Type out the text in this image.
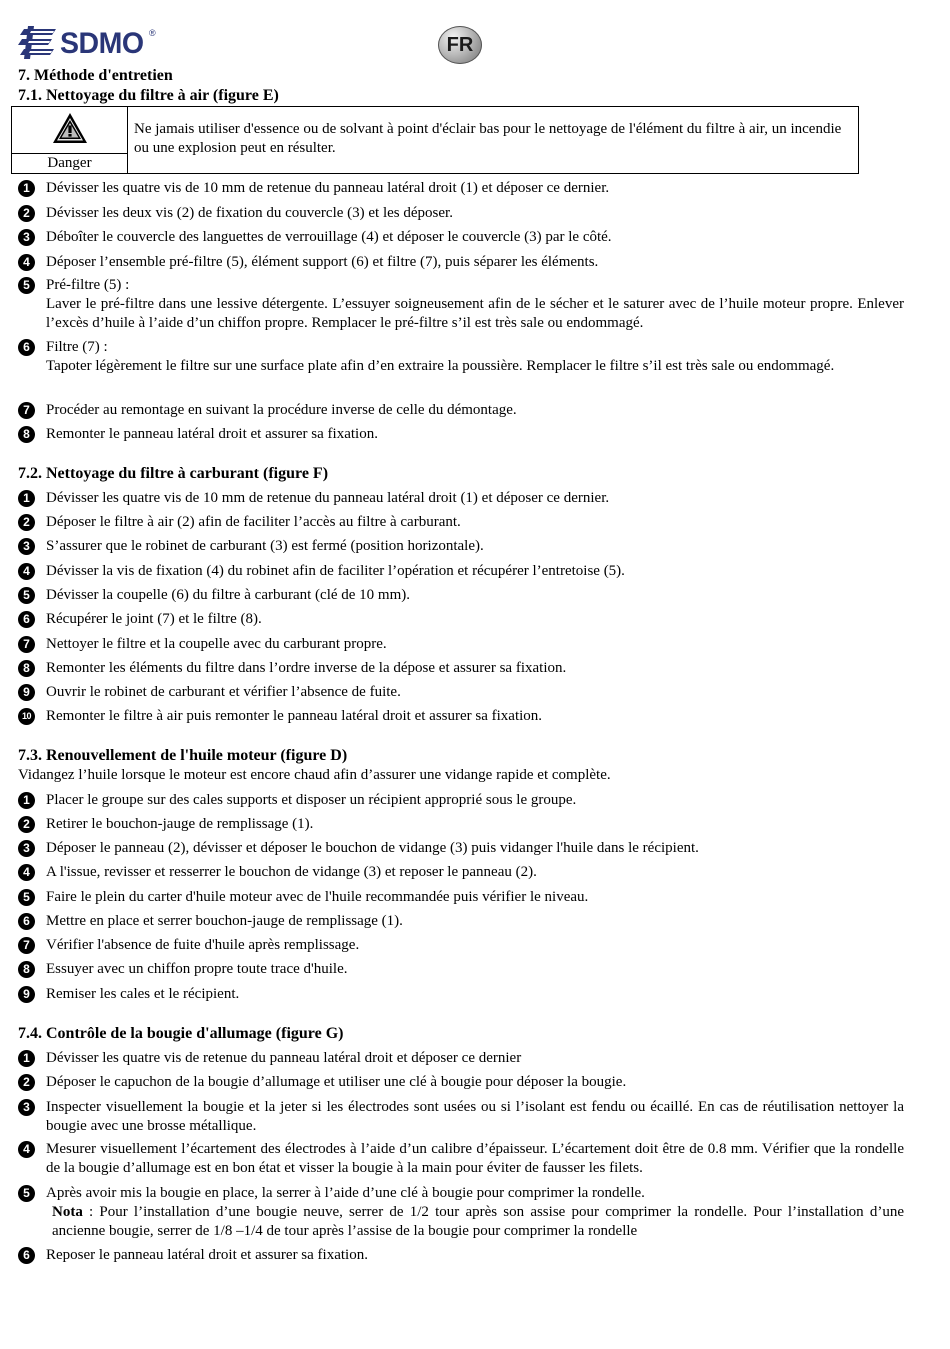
SDMO ®
FR
7. Méthode d'entretien
7.1. Nettoyage du filtre à air (figure E)
Danger
Ne jamais utiliser d'essence ou de solvant à point d'éclair bas pour le nettoyage de l'élément du filtre à air, un incendie ou une explosion peut en résulter.
1	Dévisser les quatre vis de 10 mm de retenue du panneau latéral droit (1) et déposer ce dernier.
2	Dévisser les deux vis (2) de fixation du couvercle (3) et les déposer.
3	Déboîter le couvercle des languettes de verrouillage (4) et déposer le couvercle (3) par le côté.
4	Déposer l’ensemble pré-filtre (5), élément support (6) et filtre (7), puis séparer les éléments.
5	Pré-filtre (5) :
Laver le pré-filtre dans une lessive détergente. L’essuyer soigneusement afin de le sécher et le saturer avec de l’huile moteur propre. Enlever l’excès d’huile à l’aide d’un chiffon propre. Remplacer le pré-filtre s’il est très sale ou endommagé.
6	Filtre (7) :
Tapoter légèrement le filtre sur une surface plate afin d’en extraire la poussière. Remplacer le filtre s’il est très sale ou endommagé.
7	Procéder au remontage en suivant la procédure inverse de celle du démontage.
8	Remonter le panneau latéral droit et assurer sa fixation.
7.2. Nettoyage du filtre à carburant (figure F)
1	Dévisser les quatre vis de 10 mm de retenue du panneau latéral droit (1) et déposer ce dernier.
2	Déposer le filtre à air (2) afin de faciliter l’accès au filtre à carburant.
3	S’assurer que le robinet de carburant (3) est fermé (position horizontale).
4	Dévisser la vis de fixation (4) du robinet afin de faciliter l’opération et récupérer l’entretoise (5).
5	Dévisser la coupelle (6) du filtre à carburant (clé de 10 mm).
6	Récupérer le joint (7) et le filtre (8).
7	Nettoyer le filtre et la coupelle avec du carburant propre.
8	Remonter les éléments du filtre dans l’ordre inverse de la dépose et assurer sa fixation.
9	Ouvrir le robinet de carburant et vérifier l’absence de fuite.
10 Remonter le filtre à air puis remonter le panneau latéral droit et assurer sa fixation.
7.3. Renouvellement de l'huile moteur (figure D)
Vidangez l’huile lorsque le moteur est encore chaud afin d’assurer une vidange rapide et complète.
1	Placer le groupe sur des cales supports et disposer un récipient approprié sous le groupe.
2	Retirer le bouchon-jauge de remplissage (1).
3	Déposer le panneau (2), dévisser et déposer le bouchon de vidange (3) puis vidanger l'huile dans le récipient.
4	A l'issue, revisser et resserrer le bouchon de vidange (3) et reposer le panneau (2).
5	Faire le plein du carter d'huile moteur avec de l'huile recommandée puis vérifier le niveau.
6	Mettre en place et serrer bouchon-jauge de remplissage (1).
7	Vérifier l'absence de fuite d'huile après remplissage.
8	Essuyer avec un chiffon propre toute trace d'huile.
9	Remiser les cales et le récipient.
7.4. Contrôle de la bougie d'allumage (figure G)
1	Dévisser les quatre vis de retenue du panneau latéral droit et déposer ce dernier
2	Déposer le capuchon de la bougie d’allumage et utiliser une clé à bougie pour déposer la bougie.
3	Inspecter visuellement la bougie et la jeter si les électrodes sont usées ou si l’isolant est fendu ou écaillé. En cas de réutilisation nettoyer la bougie avec une brosse métallique.
4	Mesurer visuellement l’écartement des électrodes à l’aide d’un calibre d’épaisseur. L’écartement doit être de 0.8 mm. Vérifier que la rondelle de la bougie d’allumage est en bon état et visser la bougie à la main pour éviter de fausser les filets.
5	Après avoir mis la bougie en place, la serrer à l’aide d’une clé à bougie pour comprimer la rondelle.
Nota : Pour l’installation d’une bougie neuve, serrer de 1/2 tour après son assise pour comprimer la rondelle. Pour l’installation d’une ancienne bougie, serrer de 1/8 –1/4 de tour après l’assise de la bougie pour comprimer la rondelle
6	Reposer le panneau latéral droit et assurer sa fixation.
